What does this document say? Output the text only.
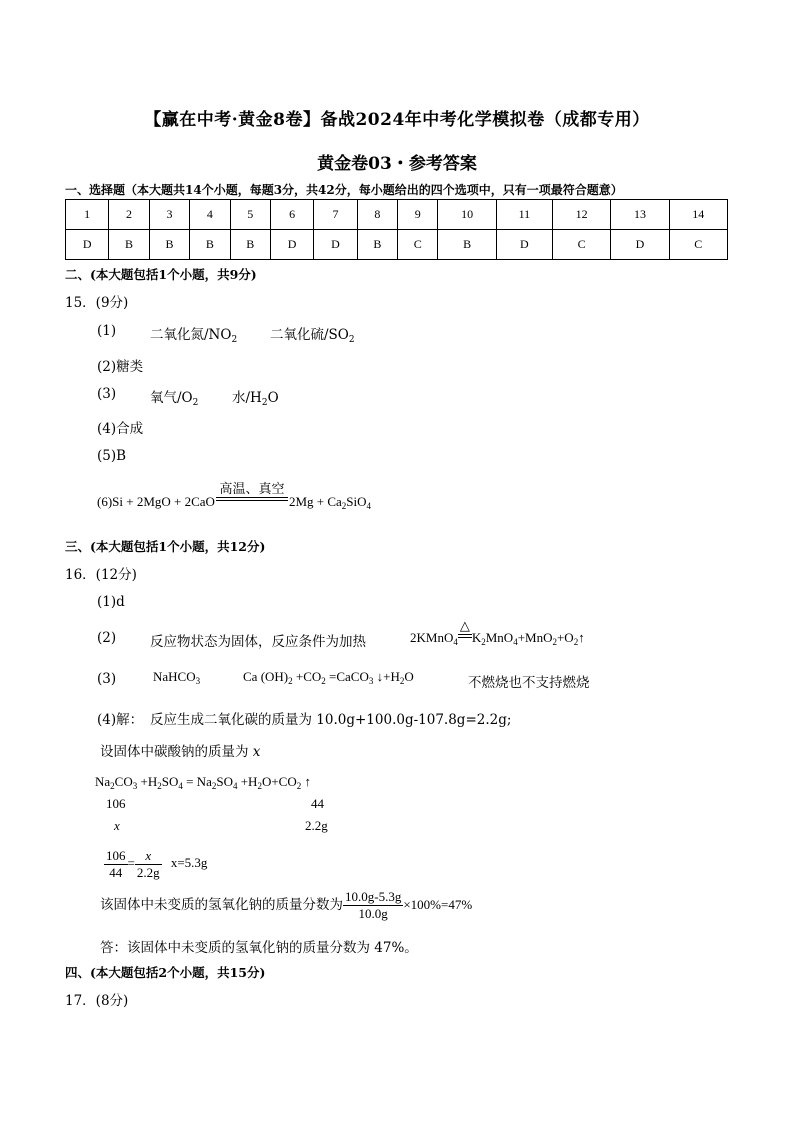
【赢在中考·黄金8卷】备战2024年中考化学模拟卷（成都专用）
黄金卷03・参考答案
一、选择题（本大题共14个小题，每题3分，共42分，每小题给出的四个选项中，只有一项最符合题意）
1	2	3	4	5	6	7	8	9	10	11	12	13	14
D	B	B	B	B	D	D	B	C	B	D	C	D	C
二、(本大题包括1个小题，共9分)
15．(9分)
(1)	二氧化氮$/NO_2$ 二氧化硫$/SO_2$
(2)糖类
(3)	氧气$/O_2$ 水$/H_2O$
(4)合成
(5)B
(6)Si + 2MgO + 2CaO
高温、真空
$2Mg + Ca_2SiO_4$
三、(本大题包括1个小题，共12分)
16．(12分)
(1)d
(2)	反应物状态为固体，反应条件为加热	2KMnO$_4$
△
$K_2MnO_4+MnO_2+O_2↑$
(3)	NaHCO$_3$	Ca $(OH)_2 +CO_2$ =CaCO$_3$ $↓+H_2O$	不燃烧也不支持燃烧
(4)解： 反应生成二氧化碳的质量为 10.0g+100.0g-107.8g=2.2g;
设固体中碳酸钠的质量为 x
$Na_2CO_3 +H_2SO_4 = Na_2SO_4 +H_2O+CO_2$ ↑
106	44
x	2.2g
$\frac{106}{44} = \frac{x}{2.2g} x=5.3g$
该固体中未变质的氢氧化钠的质量分数为 $\frac{10.0g-5.3g}{10.0g} \times 100\%=47\%$
答：该固体中未变质的氢氧化钠的质量分数为 47%。
四、(本大题包括2个小题，共15分)
17．(8分)
